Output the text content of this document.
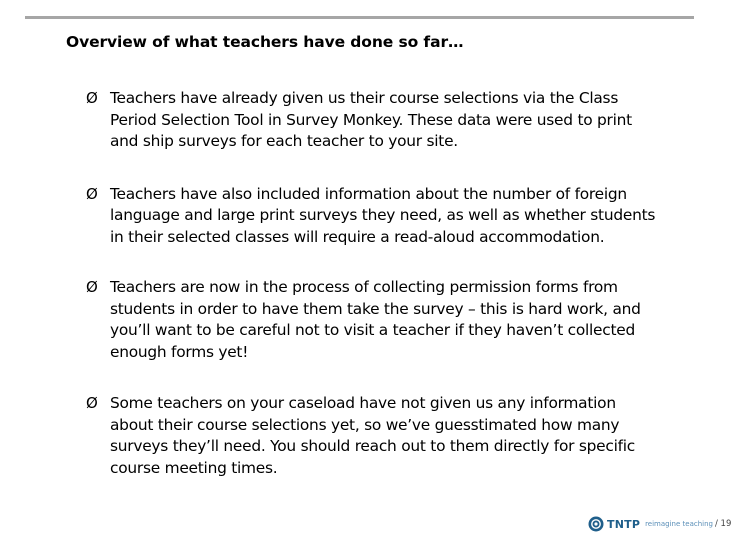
Overview of what teachers have done so far…
Ø Teachers have already given us their course selections via the Class Period Selection Tool in Survey Monkey. These data were used to print and ship surveys for each teacher to your site.
Ø Teachers have also included information about the number of foreign language and large print surveys they need, as well as whether students in their selected classes will require a read-aloud accommodation.
Ø Teachers are now in the process of collecting permission forms from students in order to have them take the survey – this is hard work, and you’ll want to be careful not to visit a teacher if they haven’t collected enough forms yet!
Ø Some teachers on your caseload have not given us any information about their course selections yet, so we’ve guesstimated how many surveys they’ll need. You should reach out to them directly for specific course meeting times.
TNTP reimagine teaching / 19
